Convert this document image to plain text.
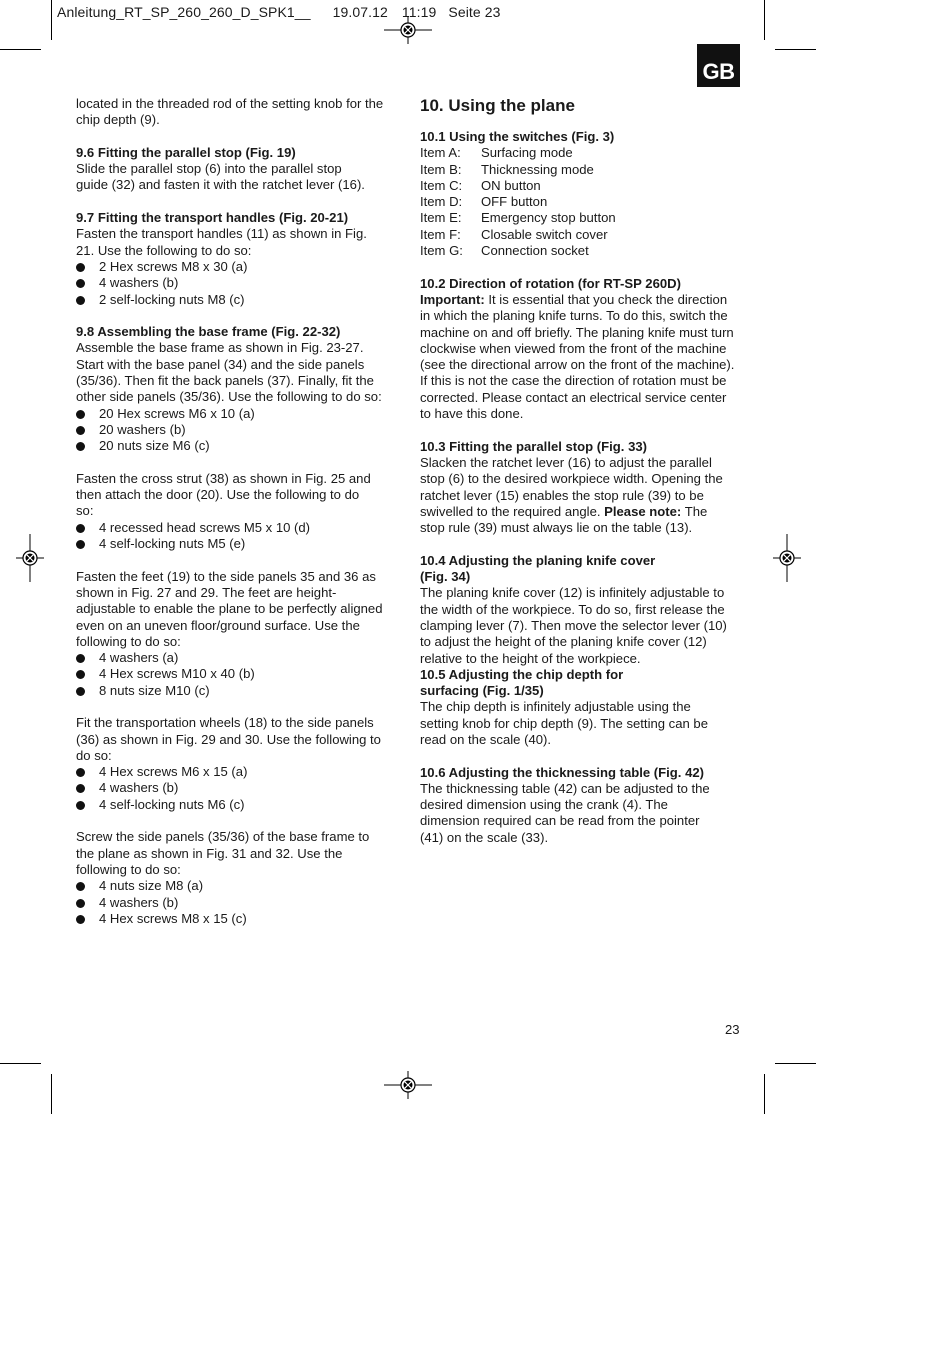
Anleitung_RT_SP_260_260_D_SPK1__ 19.07.12 11:19 Seite 23
GB

located in the threaded rod of the setting knob for the

chip depth (9).

9.6 Fitting the parallel stop (Fig. 19)

Slide the parallel stop (6) into the parallel stop

guide (32) and fasten it with the ratchet lever (16).

9.7 Fitting the transport handles (Fig. 20-21)

Fasten the transport handles (11) as shown in Fig.

21. Use the following to do so:

2 Hex screws M8 x 30 (a)
4 washers (b)
2 self-locking nuts M8 (c)

9.8 Assembling the base frame (Fig. 22-32)

Assemble the base frame as shown in Fig. 23-27.

Start with the base panel (34) and the side panels

(35/36). Then fit the back panels (37). Finally, fit the

other side panels (35/36). Use the following to do so:

20 Hex screws M6 x 10 (a)
20 washers (b)
20 nuts size M6 (c)

Fasten the cross strut (38) as shown in Fig. 25 and

then attach the door (20). Use the following to do

so:

4 recessed head screws M5 x 10 (d)
4 self-locking nuts M5 (e)

Fasten the feet (19) to the side panels 35 and 36 as

shown in Fig. 27 and 29. The feet are height-

adjustable to enable the plane to be perfectly aligned

even on an uneven floor/ground surface. Use the

following to do so:

4 washers (a)
4 Hex screws M10 x 40 (b)
8 nuts size M10 (c)

Fit the transportation wheels (18) to the side panels

(36) as shown in Fig. 29 and 30. Use the following to

do so:

4 Hex screws M6 x 15 (a)
4 washers (b)
4 self-locking nuts M6 (c)

Screw the side panels (35/36) of the base frame to

the plane as shown in Fig. 31 and 32. Use the

following to do so:

4 nuts size M8 (a)
4 washers (b)
4 Hex screws M8 x 15 (c)

10. Using the plane

10.1 Using the switches (Fig. 3)

Item A:	Surfacing mode
Item B:	Thicknessing mode
Item C:	ON button
Item D:	OFF button
Item E:	Emergency stop button
Item F:	Closable switch cover
Item G:	Connection socket

10.2 Direction of rotation (for RT-SP 260D)

Important: It is essential that you check the direction

in which the planing knife turns. To do this, switch the

machine on and off briefly. The planing knife must turn

clockwise when viewed from the front of the machine

(see the directional arrow on the front of the machine).

If this is not the case the direction of rotation must be

corrected. Please contact an electrical service center

to have this done.

10.3 Fitting the parallel stop (Fig. 33)

Slacken the ratchet lever (16) to adjust the parallel

stop (6) to the desired workpiece width. Opening the

ratchet lever (15) enables the stop rule (39) to be

swivelled to the required angle. Please note: The

stop rule (39) must always lie on the table (13).

10.4 Adjusting the planing knife cover

(Fig. 34)

The planing knife cover (12) is infinitely adjustable to

the width of the workpiece. To do so, first release the

clamping lever (7). Then move the selector lever (10)

to adjust the height of the planing knife cover (12)

relative to the height of the workpiece.

10.5 Adjusting the chip depth for

surfacing (Fig. 1/35)

The chip depth is infinitely adjustable using the

setting knob for chip depth (9). The setting can be

read on the scale (40).

10.6 Adjusting the thicknessing table (Fig. 42)

The thicknessing table (42) can be adjusted to the

desired dimension using the crank (4). The

dimension required can be read from the pointer

(41) on the scale (33).

23
